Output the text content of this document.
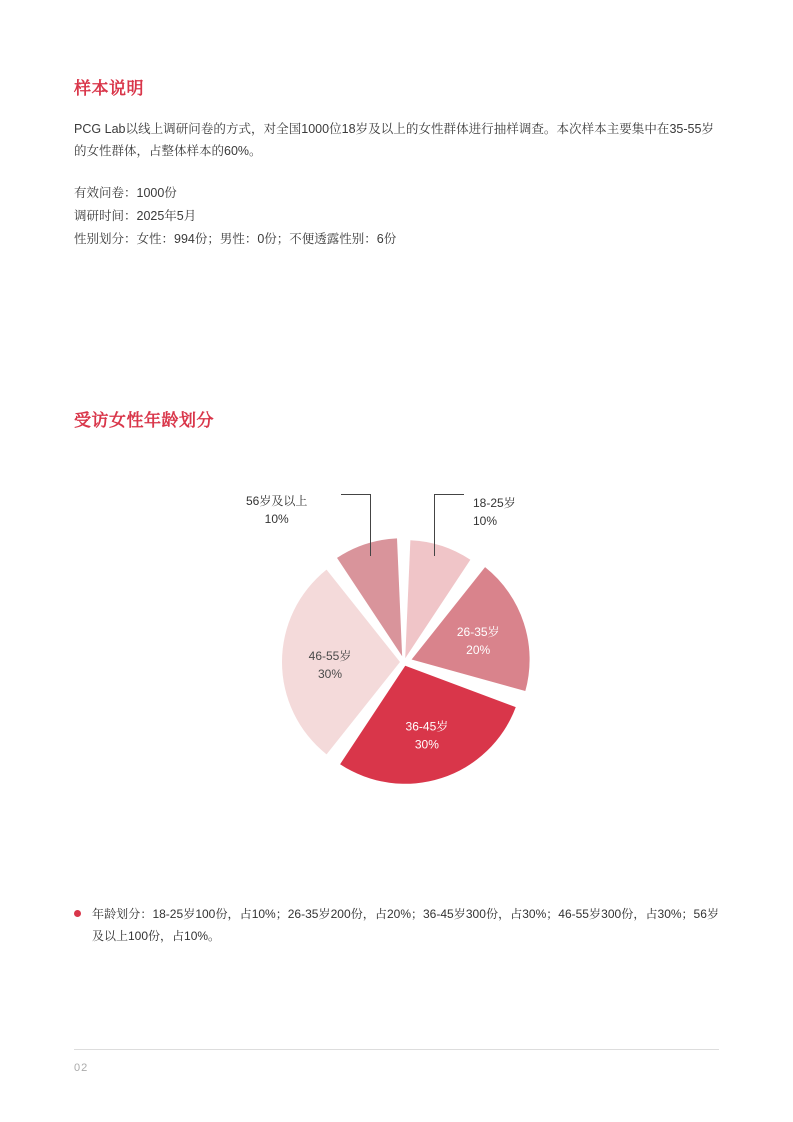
样本说明
PCG Lab以线上调研问卷的方式，对全国1000位18岁及以上的女性群体进行抽样调查。本次样本主要集中在35-55岁的女性群体，占整体样本的60%。
有效问卷：1000份
调研时间：2025年5月
性别划分：女性：994份；男性：0份；不便透露性别：6份
受访女性年龄划分
26-35岁
20%
36-45岁
30%
46-55岁
30%
18-25岁
10%
56岁及以上
10%
年龄划分：18-25岁100份，占10%；26-35岁200份，占20%；36-45岁300份，占30%；46-55岁300份，占30%；56岁及以上100份，占10%。
02
